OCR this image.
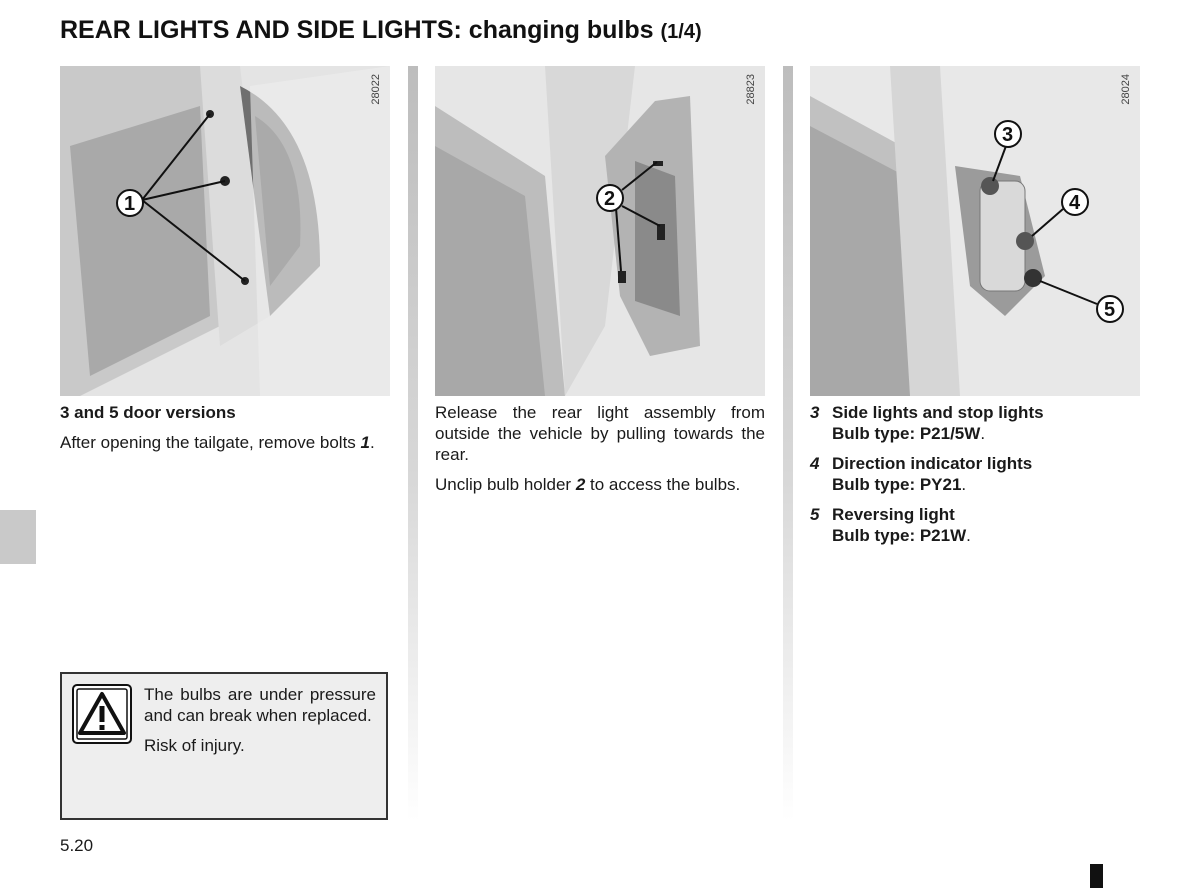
REAR LIGHTS AND SIDE LIGHTS: changing bulbs (1/4)
1
28022
2
28823
3
4
5
28024

3 and 5 door versions

After opening the tailgate, remove bolts 1.

Release the rear light assembly from outside the vehicle by pulling towards the rear.

Unclip bulb holder 2 to access the bulbs.

3 Side lights and stop lights
Bulb type: P21/5W.
4 Direction indicator lights
Bulb type: PY21.
5 Reversing light
Bulb type: P21W.

The bulbs are under pressure and can break when replaced.

Risk of injury.

5.20
